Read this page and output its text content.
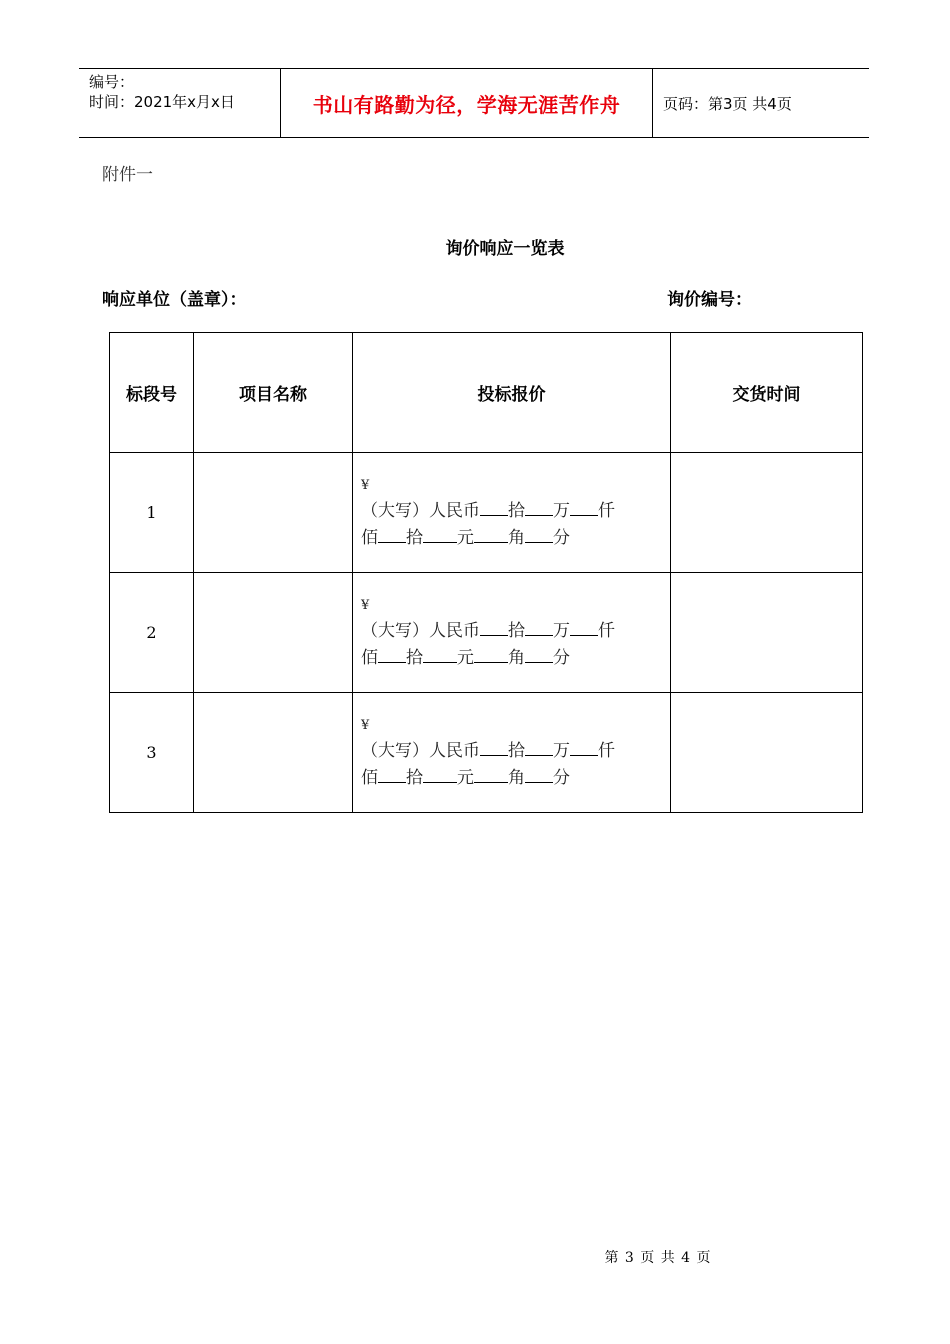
编号：
时间：2021年x月x日	书山有路勤为径，学海无涯苦作舟	页码：第3页 共4页
附件一
询价响应一览表
响应单位（盖章）：	询价编号：
标段号	项目名称	投标报价	交货时间
1		¥
（大写）人民币 拾 万 仟
佰 拾 元 角 分	
2		¥
（大写）人民币 拾 万 仟
佰 拾 元 角 分	
3		¥
（大写）人民币 拾 万 仟
佰 拾 元 角 分	
第 3 页 共 4 页
